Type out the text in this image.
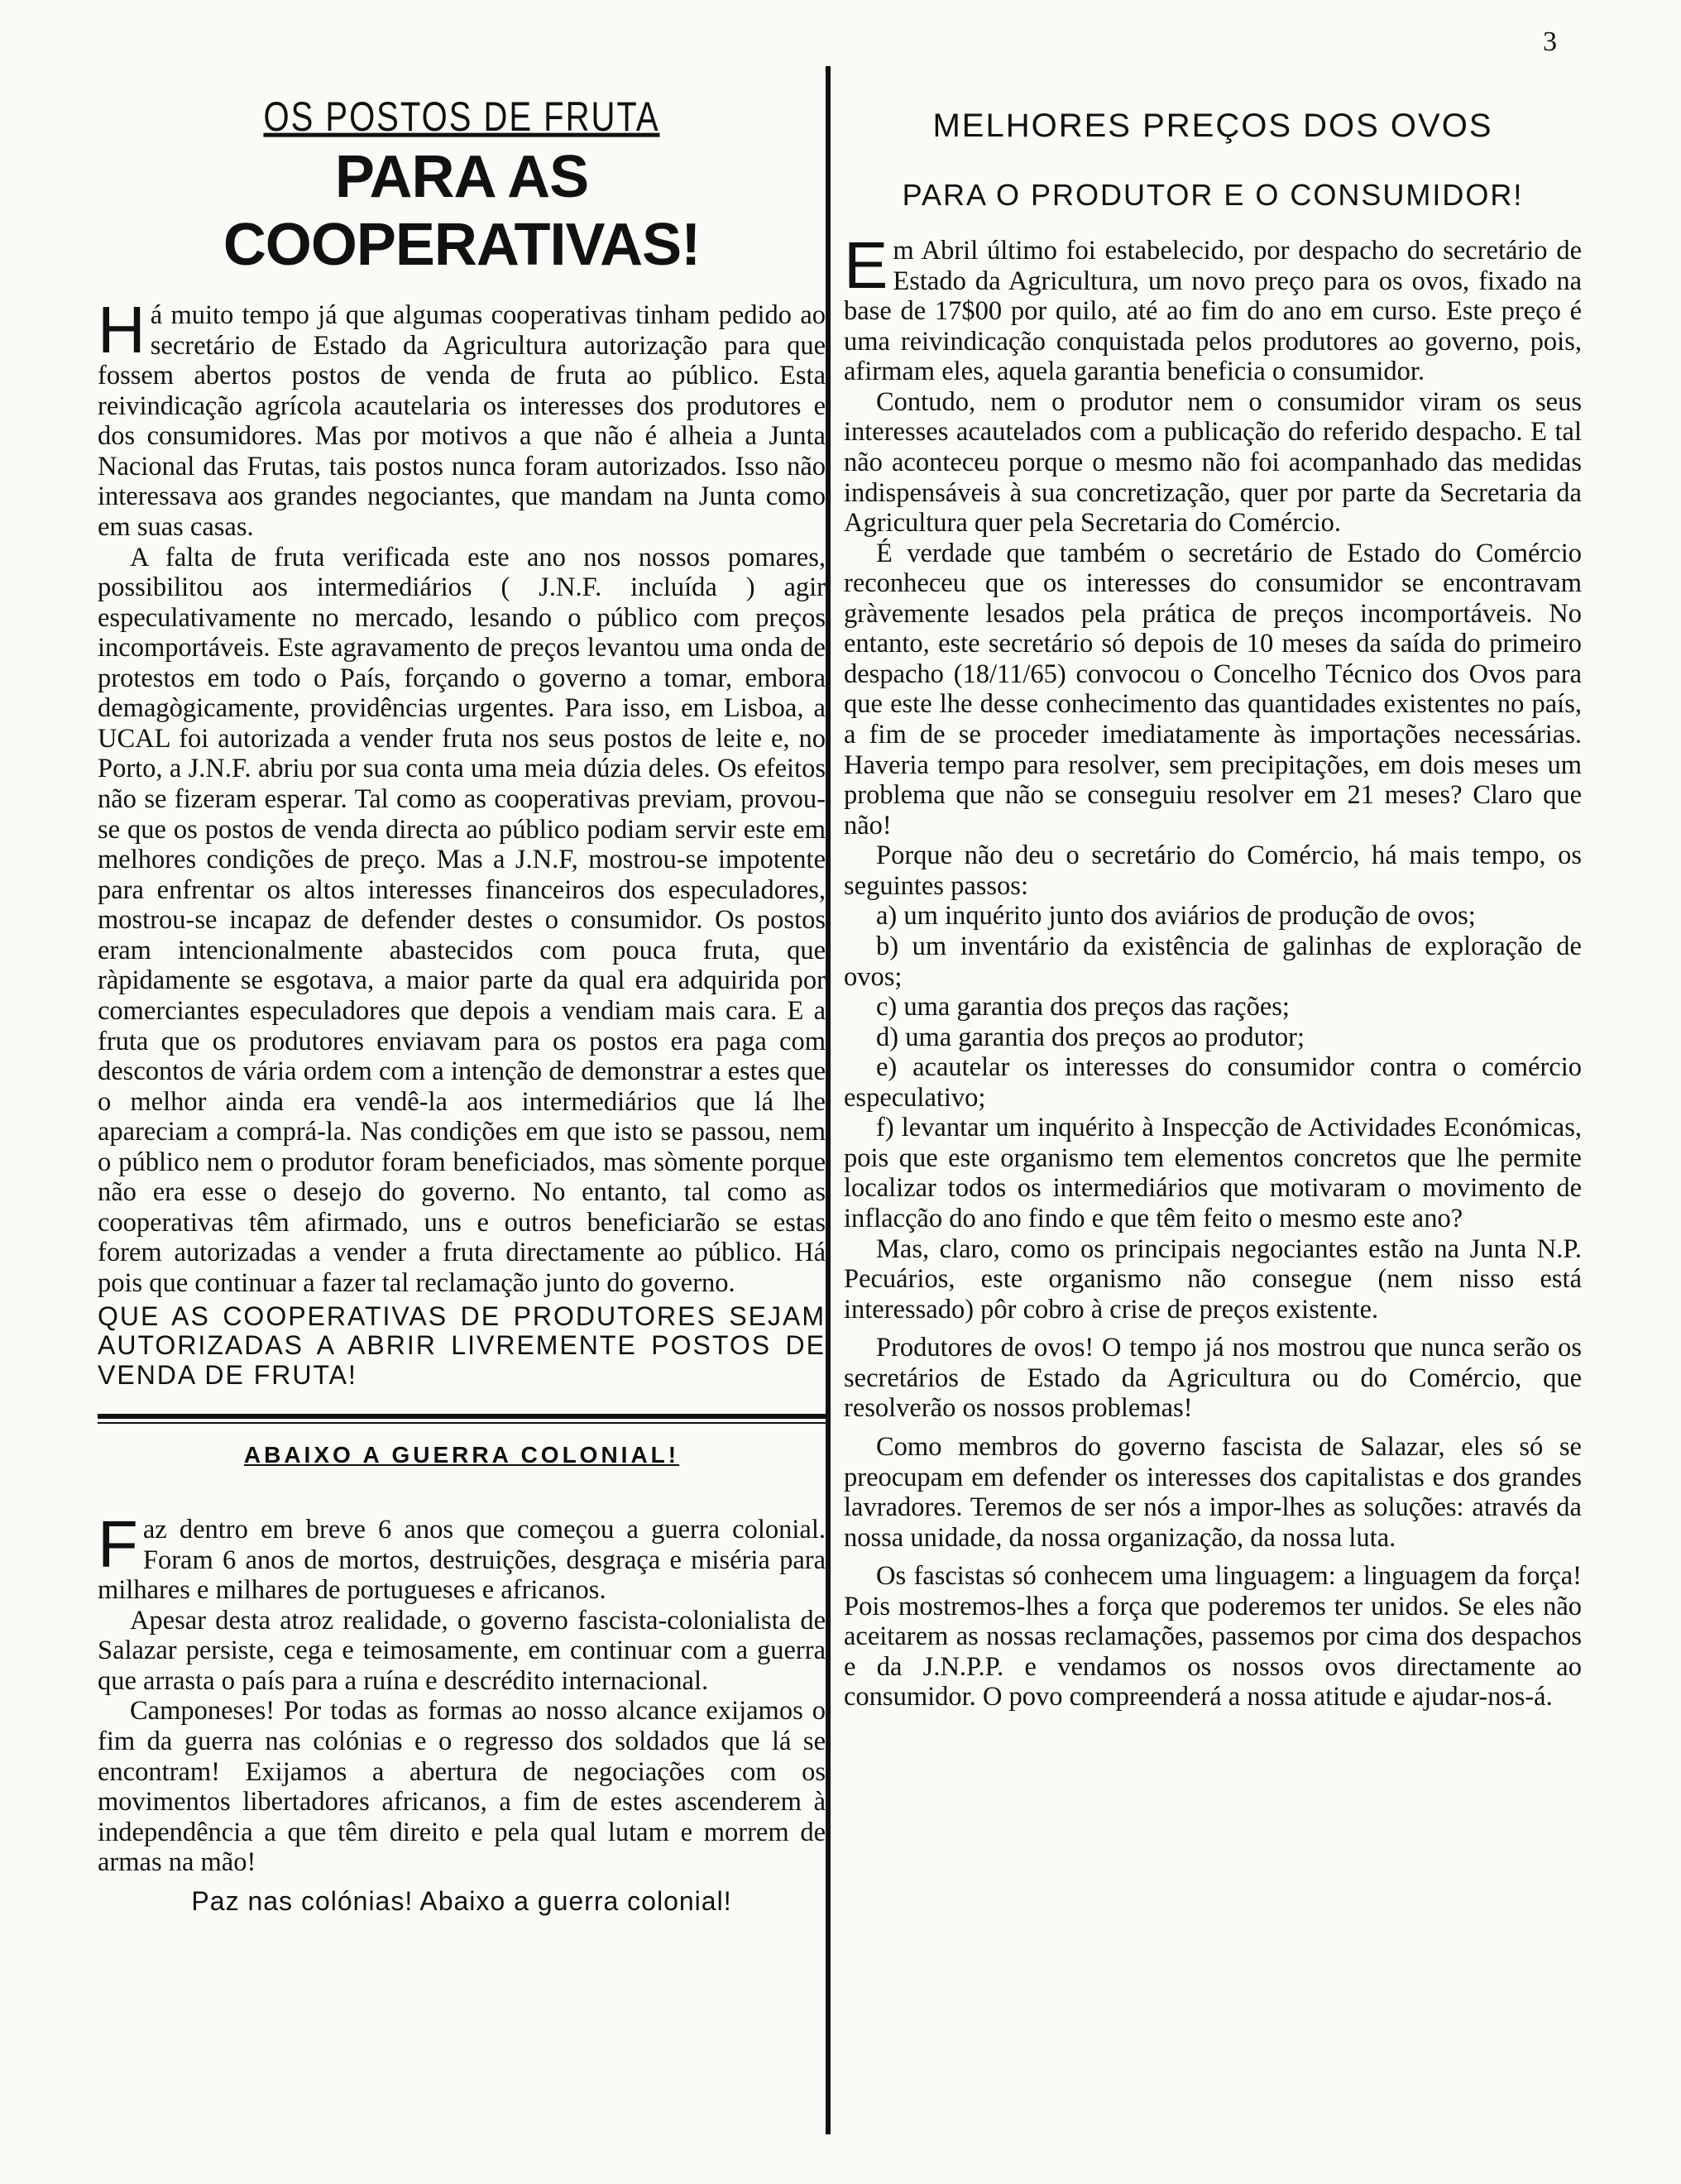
3
OS POSTOS DE FRUTA
PARA AS COOPERATIVAS!

Há muito tempo já que algumas cooperativas tinham pedido ao secretário de Estado da Agricultura autorização para que fossem abertos postos de venda de fruta ao público. Esta reivindicação agrícola acautelaria os interesses dos produtores e dos consumidores. Mas por motivos a que não é alheia a Junta Nacional das Frutas, tais postos nunca foram autorizados. Isso não interessava aos grandes negociantes, que mandam na Junta como em suas casas.

A falta de fruta verificada este ano nos nossos pomares, possibilitou aos intermediários ( J.N.F. incluída ) agir especulativamente no mercado, lesando o público com preços incomportáveis. Este agravamento de preços levantou uma onda de protestos em todo o País, forçando o governo a tomar, embora demagògicamente, providências urgentes. Para isso, em Lisboa, a UCAL foi autorizada a vender fruta nos seus postos de leite e, no Porto, a J.N.F. abriu por sua conta uma meia dúzia deles. Os efeitos não se fizeram esperar. Tal como as cooperativas previam, provou-se que os postos de venda directa ao público podiam servir este em melhores condições de preço. Mas a J.N.F, mostrou-se impotente para enfrentar os altos interesses financeiros dos especuladores, mostrou-se incapaz de defender destes o consumidor. Os postos eram intencionalmente abastecidos com pouca fruta, que ràpidamente se esgotava, a maior parte da qual era adquirida por comerciantes especuladores que depois a vendiam mais cara. E a fruta que os produtores enviavam para os postos era paga com descontos de vária ordem com a intenção de demonstrar a estes que o melhor ainda era vendê-la aos intermediários que lá lhe apareciam a comprá-la. Nas condições em que isto se passou, nem o público nem o produtor foram beneficiados, mas sòmente porque não era esse o desejo do governo. No entanto, tal como as cooperativas têm afirmado, uns e outros beneficiarão se estas forem autorizadas a vender a fruta directamente ao público. Há pois que continuar a fazer tal reclamação junto do governo.

QUE AS COOPERATIVAS DE PRODUTORES SEJAM AUTORIZADAS A ABRIR LIVREMENTE POSTOS DE VENDA DE FRUTA!
ABAIXO A GUERRA COLONIAL!

Faz dentro em breve 6 anos que começou a guerra colonial. Foram 6 anos de mortos, destruições, desgraça e miséria para milhares e milhares de portugueses e africanos.

Apesar desta atroz realidade, o governo fascista-colonialista de Salazar persiste, cega e teimosamente, em continuar com a guerra que arrasta o país para a ruína e descrédito internacional.

Camponeses! Por todas as formas ao nosso alcance exijamos o fim da guerra nas colónias e o regresso dos soldados que lá se encontram! Exijamos a abertura de negociações com os movimentos libertadores africanos, a fim de estes ascenderem à independência a que têm direito e pela qual lutam e morrem de armas na mão!

Paz nas colónias! Abaixo a guerra colonial!
MELHORES PREÇOS DOS OVOS
PARA O PRODUTOR E O CONSUMIDOR!

Em Abril último foi estabelecido, por despacho do secretário de Estado da Agricultura, um novo preço para os ovos, fixado na base de 17$00 por quilo, até ao fim do ano em curso. Este preço é uma reivindicação conquistada pelos produtores ao governo, pois, afirmam eles, aquela garantia beneficia o consumidor.

Contudo, nem o produtor nem o consumidor viram os seus interesses acautelados com a publicação do referido despacho. E tal não aconteceu porque o mesmo não foi acompanhado das medidas indispensáveis à sua concretização, quer por parte da Secretaria da Agricultura quer pela Secretaria do Comércio.

É verdade que também o secretário de Estado do Comércio reconheceu que os interesses do consumidor se encontravam gràvemente lesados pela prática de preços incomportáveis. No entanto, este secretário só depois de 10 meses da saída do primeiro despacho (18/11/65) convocou o Concelho Técnico dos Ovos para que este lhe desse conhecimento das quantidades existentes no país, a fim de se proceder imediatamente às importações necessárias. Haveria tempo para resolver, sem precipitações, em dois meses um problema que não se conseguiu resolver em 21 meses? Claro que não!

Porque não deu o secretário do Comércio, há mais tempo, os seguintes passos:

a) um inquérito junto dos aviários de produção de ovos;

b) um inventário da existência de galinhas de exploração de ovos;

c) uma garantia dos preços das rações;

d) uma garantia dos preços ao produtor;

e) acautelar os interesses do consumidor contra o comércio especulativo;

f) levantar um inquérito à Inspecção de Actividades Económicas, pois que este organismo tem elementos concretos que lhe permite localizar todos os intermediários que motivaram o movimento de inflacção do ano findo e que têm feito o mesmo este ano?

Mas, claro, como os principais negociantes estão na Junta N.P. Pecuários, este organismo não consegue (nem nisso está interessado) pôr cobro à crise de preços existente.

Produtores de ovos! O tempo já nos mostrou que nunca serão os secretários de Estado da Agricultura ou do Comércio, que resolverão os nossos problemas!

Como membros do governo fascista de Salazar, eles só se preocupam em defender os interesses dos capitalistas e dos grandes lavradores. Teremos de ser nós a impor-lhes as soluções: através da nossa unidade, da nossa organização, da nossa luta.

Os fascistas só conhecem uma linguagem: a linguagem da força! Pois mostremos-lhes a força que poderemos ter unidos. Se eles não aceitarem as nossas reclamações, passemos por cima dos despachos e da J.N.P.P. e vendamos os nossos ovos directamente ao consumidor. O povo compreenderá a nossa atitude e ajudar-nos-á.
